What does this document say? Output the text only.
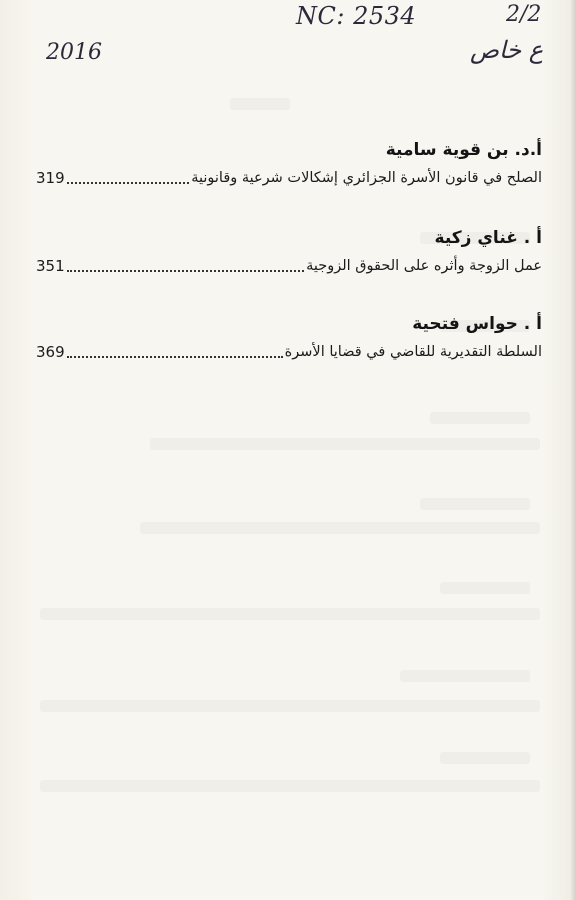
NC: 2534
2016
2/2
ع خاص
أ.د. بن قوية سامية
الصلح في قانون الأسرة الجزائري إشكالات شرعية وقانونية
319
أ . غناي زكية
عمل الزوجة وأثره على الحقوق الزوجية
351
أ . حواس فتحية
السلطة التقديرية للقاضي في قضايا الأسرة
369
